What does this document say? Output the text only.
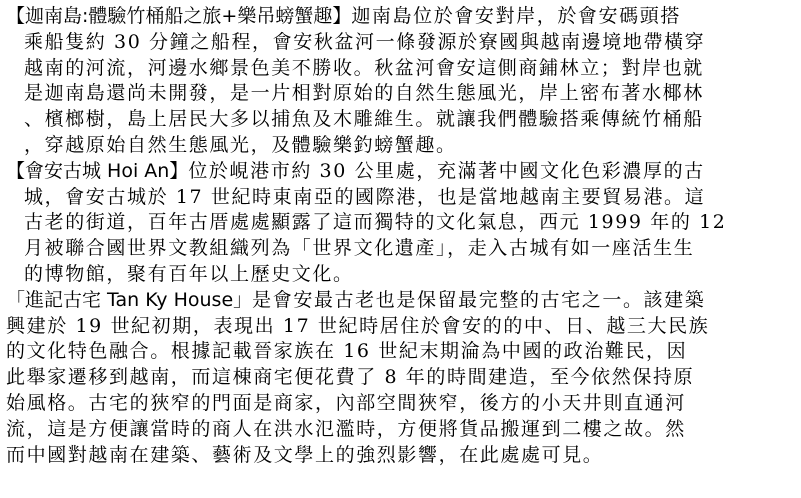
【迦南島:體驗竹桶船之旅+樂吊螃蟹趣】迦南島位於會安對岸，於會安碼頭搭
乘船隻約 30 分鐘之船程，會安秋盆河一條發源於寮國與越南邊境地帶橫穿
越南的河流，河邊水鄉景色美不勝收。秋盆河會安這側商鋪林立；對岸也就
是迦南島還尚未開發，是一片相對原始的自然生態風光，岸上密布著水椰林
、檳榔樹，島上居民大多以捕魚及木雕維生。就讓我們體驗搭乘傳統竹桶船
，穿越原始自然生態風光，及體驗樂釣螃蟹趣。
【會安古城 Hoi An】位於峴港市約 30 公里處，充滿著中國文化色彩濃厚的古
城，會安古城於 17 世紀時東南亞的國際港，也是當地越南主要貿易港。這
古老的街道，百年古厝處處顯露了這而獨特的文化氣息，西元 1999 年的 12
月被聯合國世界文教組織列為「世界文化遺產」，走入古城有如一座活生生
的博物館，聚有百年以上歷史文化。
「進記古宅 Tan Ky House」是會安最古老也是保留最完整的古宅之一。該建築
興建於 19 世紀初期，表現出 17 世紀時居住於會安的的中、日、越三大民族
的文化特色融合。根據記載晉家族在 16 世紀末期淪為中國的政治難民，因
此舉家遷移到越南，而這棟商宅便花費了 8 年的時間建造，至今依然保持原
始風格。古宅的狹窄的門面是商家，內部空間狹窄，後方的小天井則直通河
流，這是方便讓當時的商人在洪水氾濫時，方便將貨品搬運到二樓之故。然
而中國對越南在建築、藝術及文學上的強烈影響，在此處處可見。
